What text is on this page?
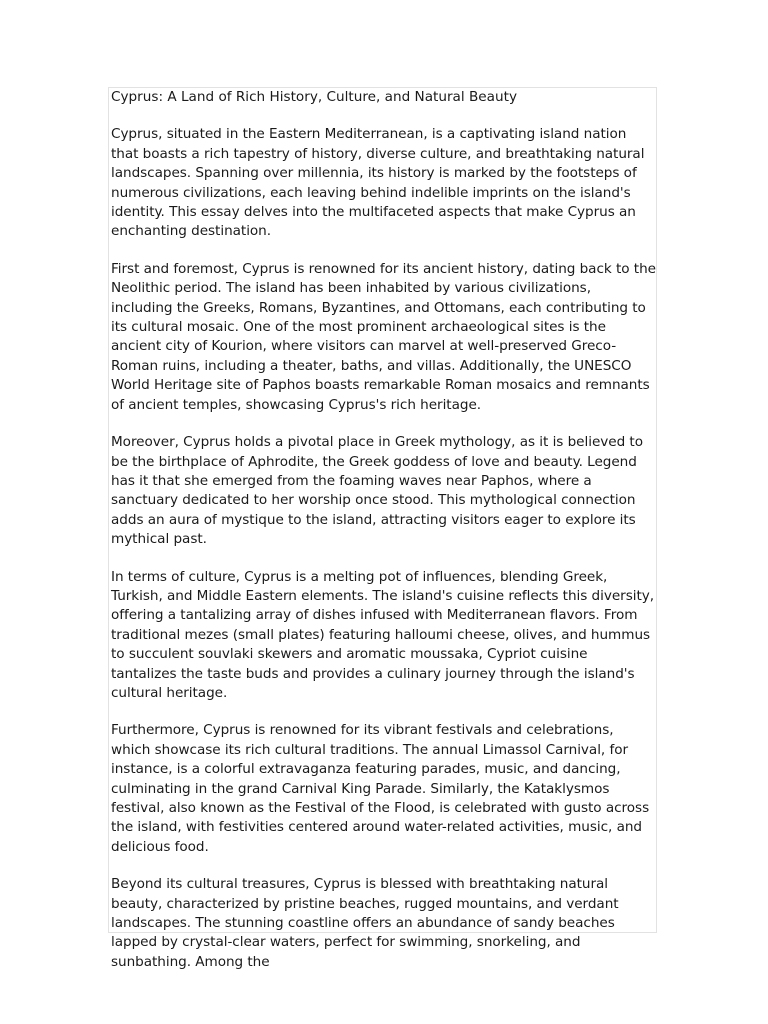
Cyprus: A Land of Rich History, Culture, and Natural Beauty

Cyprus, situated in the Eastern Mediterranean, is a captivating island nation that boasts a rich tapestry of history, diverse culture, and breathtaking natural landscapes. Spanning over millennia, its history is marked by the footsteps of numerous civilizations, each leaving behind indelible imprints on the island's identity. This essay delves into the multifaceted aspects that make Cyprus an enchanting destination.

First and foremost, Cyprus is renowned for its ancient history, dating back to the Neolithic period. The island has been inhabited by various civilizations, including the Greeks, Romans, Byzantines, and Ottomans, each contributing to its cultural mosaic. One of the most prominent archaeological sites is the ancient city of Kourion, where visitors can marvel at well-preserved Greco-Roman ruins, including a theater, baths, and villas. Additionally, the UNESCO World Heritage site of Paphos boasts remarkable Roman mosaics and remnants of ancient temples, showcasing Cyprus's rich heritage.

Moreover, Cyprus holds a pivotal place in Greek mythology, as it is believed to be the birthplace of Aphrodite, the Greek goddess of love and beauty. Legend has it that she emerged from the foaming waves near Paphos, where a sanctuary dedicated to her worship once stood. This mythological connection adds an aura of mystique to the island, attracting visitors eager to explore its mythical past.

In terms of culture, Cyprus is a melting pot of influences, blending Greek, Turkish, and Middle Eastern elements. The island's cuisine reflects this diversity, offering a tantalizing array of dishes infused with Mediterranean flavors. From traditional mezes (small plates) featuring halloumi cheese, olives, and hummus to succulent souvlaki skewers and aromatic moussaka, Cypriot cuisine tantalizes the taste buds and provides a culinary journey through the island's cultural heritage.

Furthermore, Cyprus is renowned for its vibrant festivals and celebrations, which showcase its rich cultural traditions. The annual Limassol Carnival, for instance, is a colorful extravaganza featuring parades, music, and dancing, culminating in the grand Carnival King Parade. Similarly, the Kataklysmos festival, also known as the Festival of the Flood, is celebrated with gusto across the island, with festivities centered around water-related activities, music, and delicious food.

Beyond its cultural treasures, Cyprus is blessed with breathtaking natural beauty, characterized by pristine beaches, rugged mountains, and verdant landscapes. The stunning coastline offers an abundance of sandy beaches lapped by crystal-clear waters, perfect for swimming, snorkeling, and sunbathing. Among the
